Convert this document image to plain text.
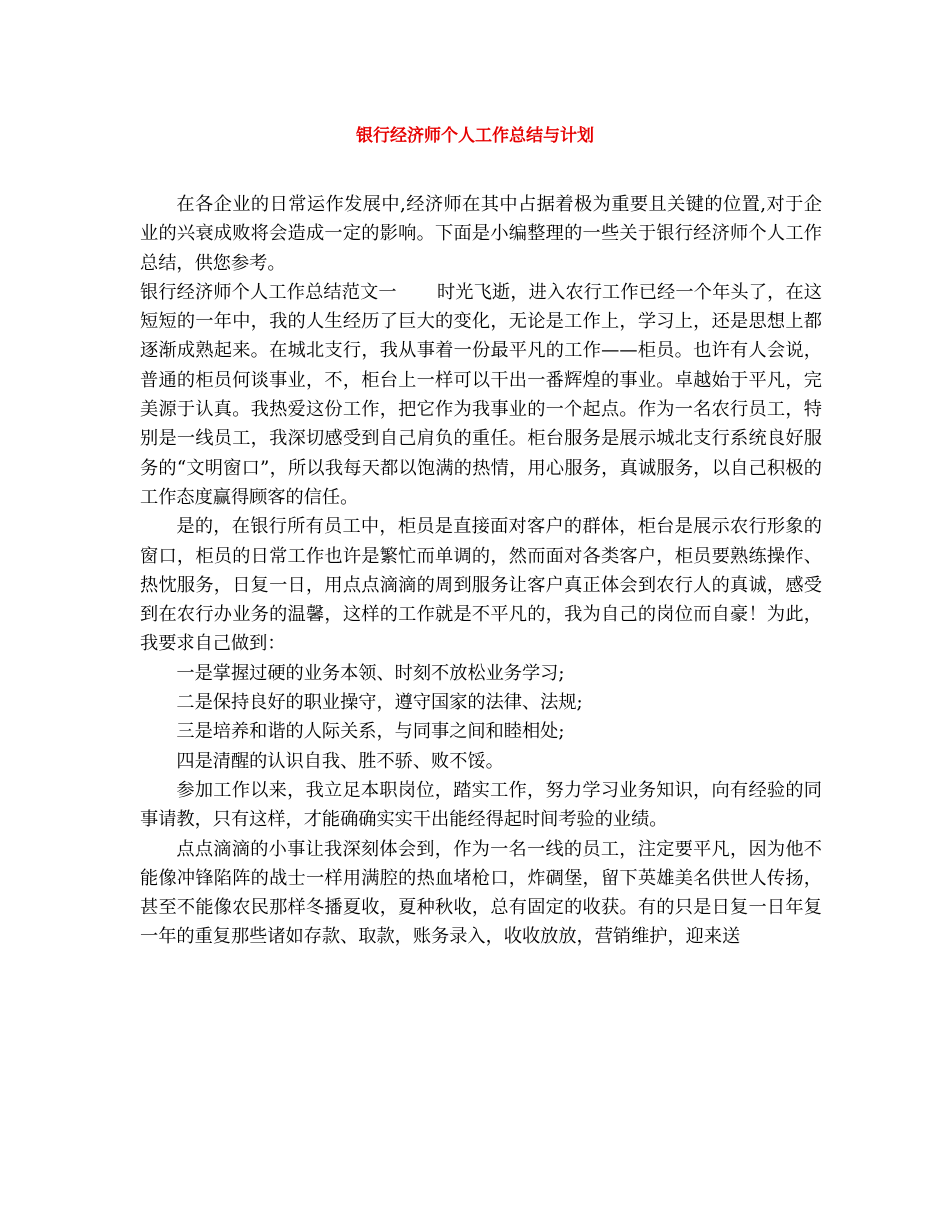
银行经济师个人工作总结与计划

在各企业的日常运作发展中,经济师在其中占据着极为重要且关键的位置,对于企业的兴衰成败将会造成一定的影响。下面是小编整理的一些关于银行经济师个人工作总结，供您参考。

银行经济师个人工作总结范文一 时光飞逝，进入农行工作已经一个年头了，在这短短的一年中，我的人生经历了巨大的变化，无论是工作上，学习上，还是思想上都逐渐成熟起来。在城北支行，我从事着一份最平凡的工作——柜员。也许有人会说，普通的柜员何谈事业，不，柜台上一样可以干出一番辉煌的事业。卓越始于平凡，完美源于认真。我热爱这份工作，把它作为我事业的一个起点。作为一名农行员工，特别是一线员工，我深切感受到自己肩负的重任。柜台服务是展示城北支行系统良好服务的“文明窗口”，所以我每天都以饱满的热情，用心服务，真诚服务，以自己积极的工作态度赢得顾客的信任。

是的，在银行所有员工中，柜员是直接面对客户的群体，柜台是展示农行形象的窗口，柜员的日常工作也许是繁忙而单调的，然而面对各类客户，柜员要熟练操作、热忱服务，日复一日，用点点滴滴的周到服务让客户真正体会到农行人的真诚，感受到在农行办业务的温馨，这样的工作就是不平凡的，我为自己的岗位而自豪！为此，我要求自己做到：

一是掌握过硬的业务本领、时刻不放松业务学习;

二是保持良好的职业操守，遵守国家的法律、法规;

三是培养和谐的人际关系，与同事之间和睦相处;

四是清醒的认识自我、胜不骄、败不馁。

参加工作以来，我立足本职岗位，踏实工作，努力学习业务知识，向有经验的同事请教，只有这样，才能确确实实干出能经得起时间考验的业绩。

点点滴滴的小事让我深刻体会到，作为一名一线的员工，注定要平凡，因为他不能像冲锋陷阵的战士一样用满腔的热血堵枪口，炸碉堡，留下英雄美名供世人传扬，甚至不能像农民那样冬播夏收，夏种秋收，总有固定的收获。有的只是日复一日年复一年的重复那些诸如存款、取款，账务录入，收收放放，营销维护，迎来送
